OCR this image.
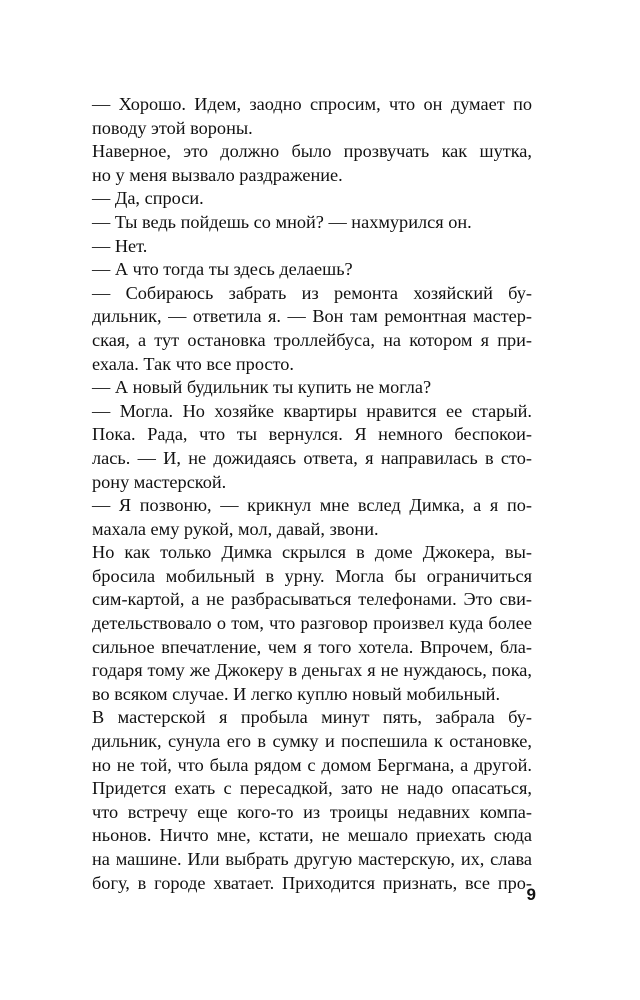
— Хорошо. Идем, заодно спросим, что он думает по
поводу этой вороны.
Наверное, это должно было прозвучать как шутка,
но у меня вызвало раздражение.
— Да, спроси.
— Ты ведь пойдешь со мной? — нахмурился он.
— Нет.
— А что тогда ты здесь делаешь?
— Собираюсь забрать из ремонта хозяйский бу-
дильник, — ответила я. — Вон там ремонтная мастер-
ская, а тут остановка троллейбуса, на котором я при-
ехала. Так что все просто.
— А новый будильник ты купить не могла?
— Могла. Но хозяйке квартиры нравится ее старый.
Пока. Рада, что ты вернулся. Я немного беспокои-
лась. — И, не дожидаясь ответа, я направилась в сто-
рону мастерской.
— Я позвоню, — крикнул мне вслед Димка, а я по-
махала ему рукой, мол, давай, звони.
Но как только Димка скрылся в доме Джокера, вы-
бросила мобильный в урну. Могла бы ограничиться
сим-картой, а не разбрасываться телефонами. Это сви-
детельствовало о том, что разговор произвел куда более
сильное впечатление, чем я того хотела. Впрочем, бла-
годаря тому же Джокеру в деньгах я не нуждаюсь, пока,
во всяком случае. И легко куплю новый мобильный.
В мастерской я пробыла минут пять, забрала бу-
дильник, сунула его в сумку и поспешила к остановке,
но не той, что была рядом с домом Бергмана, а другой.
Придется ехать с пересадкой, зато не надо опасаться,
что встречу еще кого-то из троицы недавних компа-
ньонов. Ничто мне, кстати, не мешало приехать сюда
на машине. Или выбрать другую мастерскую, их, слава
богу, в городе хватает. Приходится признать, все про-
9
